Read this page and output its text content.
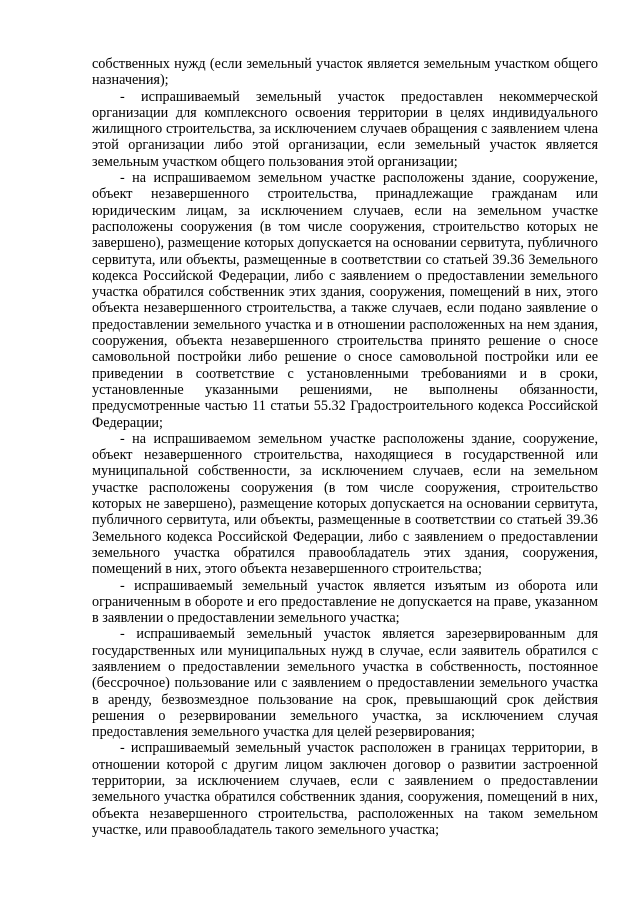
собственных нужд (если земельный участок является земельным участком общего назначения);

- испрашиваемый земельный участок предоставлен некоммерческой организации для комплексного освоения территории в целях индивидуального жилищного строительства, за исключением случаев обращения с заявлением члена этой организации либо этой организации, если земельный участок является земельным участком общего пользования этой организации;

- на испрашиваемом земельном участке расположены здание, сооружение, объект незавершенного строительства, принадлежащие гражданам или юридическим лицам, за исключением случаев, если на земельном участке расположены сооружения (в том числе сооружения, строительство которых не завершено), размещение которых допускается на основании сервитута, публичного сервитута, или объекты, размещенные в соответствии со статьей 39.36 Земельного кодекса Российской Федерации, либо с заявлением о предоставлении земельного участка обратился собственник этих здания, сооружения, помещений в них, этого объекта незавершенного строительства, а также случаев, если подано заявление о предоставлении земельного участка и в отношении расположенных на нем здания, сооружения, объекта незавершенного строительства принято решение о сносе самовольной постройки либо решение о сносе самовольной постройки или ее приведении в соответствие с установленными требованиями и в сроки, установленные указанными решениями, не выполнены обязанности, предусмотренные частью 11 статьи 55.32 Градостроительного кодекса Российской Федерации;

- на испрашиваемом земельном участке расположены здание, сооружение, объект незавершенного строительства, находящиеся в государственной или муниципальной собственности, за исключением случаев, если на земельном участке расположены сооружения (в том числе сооружения, строительство которых не завершено), размещение которых допускается на основании сервитута, публичного сервитута, или объекты, размещенные в соответствии со статьей 39.36 Земельного кодекса Российской Федерации, либо с заявлением о предоставлении земельного участка обратился правообладатель этих здания, сооружения, помещений в них, этого объекта незавершенного строительства;

- испрашиваемый земельный участок является изъятым из оборота или ограниченным в обороте и его предоставление не допускается на праве, указанном в заявлении о предоставлении земельного участка;

- испрашиваемый земельный участок является зарезервированным для государственных или муниципальных нужд в случае, если заявитель обратился с заявлением о предоставлении земельного участка в собственность, постоянное (бессрочное) пользование или с заявлением о предоставлении земельного участка в аренду, безвозмездное пользование на срок, превышающий срок действия решения о резервировании земельного участка, за исключением случая предоставления земельного участка для целей резервирования;

- испрашиваемый земельный участок расположен в границах территории, в отношении которой с другим лицом заключен договор о развитии застроенной территории, за исключением случаев, если с заявлением о предоставлении земельного участка обратился собственник здания, сооружения, помещений в них, объекта незавершенного строительства, расположенных на таком земельном участке, или правообладатель такого земельного участка;
